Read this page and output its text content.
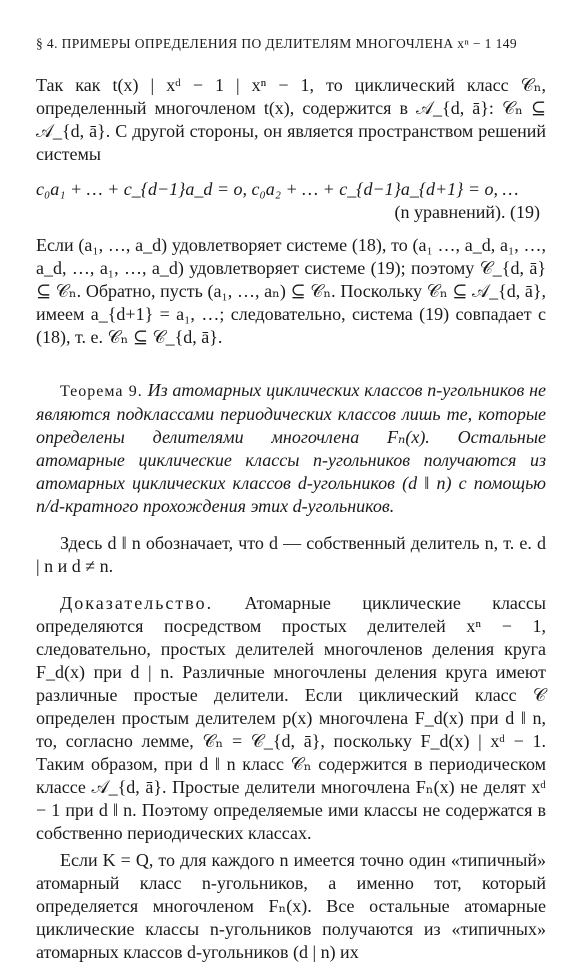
§ 4. ПРИМЕРЫ ОПРЕДЕЛЕНИЯ ПО ДЕЛИТЕЛЯМ МНОГОЧЛЕНА xⁿ − 1 149

Так как t(x) | xᵈ − 1 | xⁿ − 1, то циклический класс 𝒞ₙ, определенный многочленом t(x), содержится в 𝒜_{d, ā}: 𝒞ₙ ⊆ 𝒜_{d, ā}. С другой стороны, он является пространством решений системы

c₀a₁ + … + c_{d−1}a_d = o, c₀a₂ + … + c_{d−1}a_{d+1} = o, …
(n уравнений). (19)

Если (a₁, …, a_d) удовлетворяет системе (18), то (a₁ …, a_d, a₁, …, a_d, …, a₁, …, a_d) удовлетворяет системе (19); поэтому 𝒞_{d, ā} ⊆ 𝒞ₙ. Обратно, пусть (a₁, …, aₙ) ⊆ 𝒞ₙ. Поскольку 𝒞ₙ ⊆ 𝒜_{d, ā}, имеем a_{d+1} = a₁, …; следовательно, система (19) совпадает с (18), т. е. 𝒞ₙ ⊆ 𝒞_{d, ā}.

Теорема 9. Из атомарных циклических классов n-угольников не являются подклассами периодических классов лишь те, которые определены делителями многочлена Fₙ(x). Остальные атомарные циклические классы n-угольников получаются из атомарных циклических классов d-угольников (d ‖ n) с помощью n/d-кратного прохождения этих d-угольников.

Здесь d ‖ n обозначает, что d — собственный делитель n, т. е. d | n и d ≠ n.

Доказательство. Атомарные циклические классы определяются посредством простых делителей xⁿ − 1, следовательно, простых делителей многочленов деления круга F_d(x) при d | n. Различные многочлены деления круга имеют различные простые делители. Если циклический класс 𝒞 определен простым делителем p(x) многочлена F_d(x) при d ‖ n, то, согласно лемме, 𝒞ₙ = 𝒞_{d, ā}, поскольку F_d(x) | xᵈ − 1. Таким образом, при d ‖ n класс 𝒞ₙ содержится в периодическом классе 𝒜_{d, ā}. Простые делители многочлена Fₙ(x) не делят xᵈ − 1 при d ‖ n. Поэтому определяемые ими классы не содержатся в собственно периодических классах.

Если K = Q, то для каждого n имеется точно один «типичный» атомарный класс n-угольников, а именно тот, который определяется многочленом Fₙ(x). Все остальные атомарные циклические классы n-угольников получаются из «типичных» атомарных классов d-угольников (d | n) их
